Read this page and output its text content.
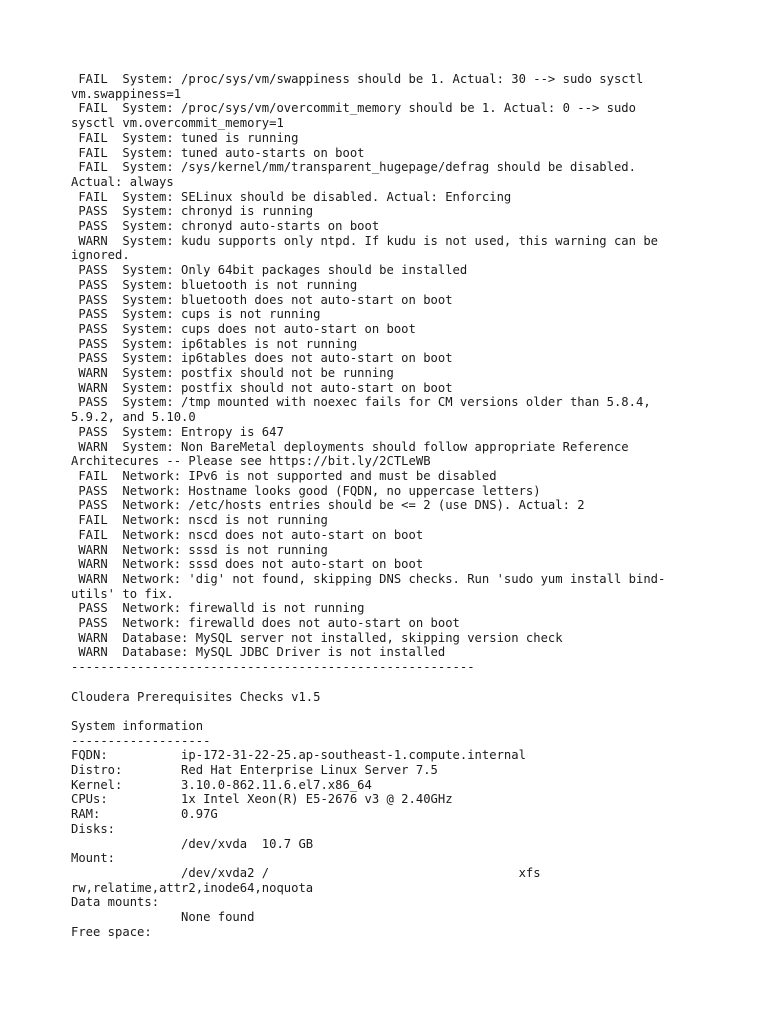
FAIL  System: /proc/sys/vm/swappiness should be 1. Actual: 30 --> sudo sysctl
vm.swappiness=1
FAIL  System: /proc/sys/vm/overcommit_memory should be 1. Actual: 0 --> sudo
sysctl vm.overcommit_memory=1
FAIL  System: tuned is running
FAIL  System: tuned auto-starts on boot
FAIL  System: /sys/kernel/mm/transparent_hugepage/defrag should be disabled.
Actual: always
FAIL  System: SELinux should be disabled. Actual: Enforcing
PASS  System: chronyd is running
PASS  System: chronyd auto-starts on boot
WARN  System: kudu supports only ntpd. If kudu is not used, this warning can be
ignored.
PASS  System: Only 64bit packages should be installed
PASS  System: bluetooth is not running
PASS  System: bluetooth does not auto-start on boot
PASS  System: cups is not running
PASS  System: cups does not auto-start on boot
PASS  System: ip6tables is not running
PASS  System: ip6tables does not auto-start on boot
WARN  System: postfix should not be running
WARN  System: postfix should not auto-start on boot
PASS  System: /tmp mounted with noexec fails for CM versions older than 5.8.4,
5.9.2, and 5.10.0
PASS  System: Entropy is 647
WARN  System: Non BareMetal deployments should follow appropriate Reference
Architecures -- Please see https://bit.ly/2CTLeWB
FAIL  Network: IPv6 is not supported and must be disabled
PASS  Network: Hostname looks good (FQDN, no uppercase letters)
PASS  Network: /etc/hosts entries should be <= 2 (use DNS). Actual: 2
FAIL  Network: nscd is not running
FAIL  Network: nscd does not auto-start on boot
WARN  Network: sssd is not running
WARN  Network: sssd does not auto-start on boot
WARN  Network: 'dig' not found, skipping DNS checks. Run 'sudo yum install bind-
utils' to fix.
PASS  Network: firewalld is not running
PASS  Network: firewalld does not auto-start on boot
WARN  Database: MySQL server not installed, skipping version check
WARN  Database: MySQL JDBC Driver is not installed
-------------------------------------------------------
Cloudera Prerequisites Checks v1.5
System information
-------------------
FQDN:          ip-172-31-22-25.ap-southeast-1.compute.internal
Distro:        Red Hat Enterprise Linux Server 7.5
Kernel:        3.10.0-862.11.6.el7.x86_64
CPUs:          1x Intel Xeon(R) E5-2676 v3 @ 2.40GHz
RAM:           0.97G
Disks:
/dev/xvda  10.7 GB
Mount:
/dev/xvda2 /                                  xfs
rw,relatime,attr2,inode64,noquota
Data mounts:
None found
Free space:
